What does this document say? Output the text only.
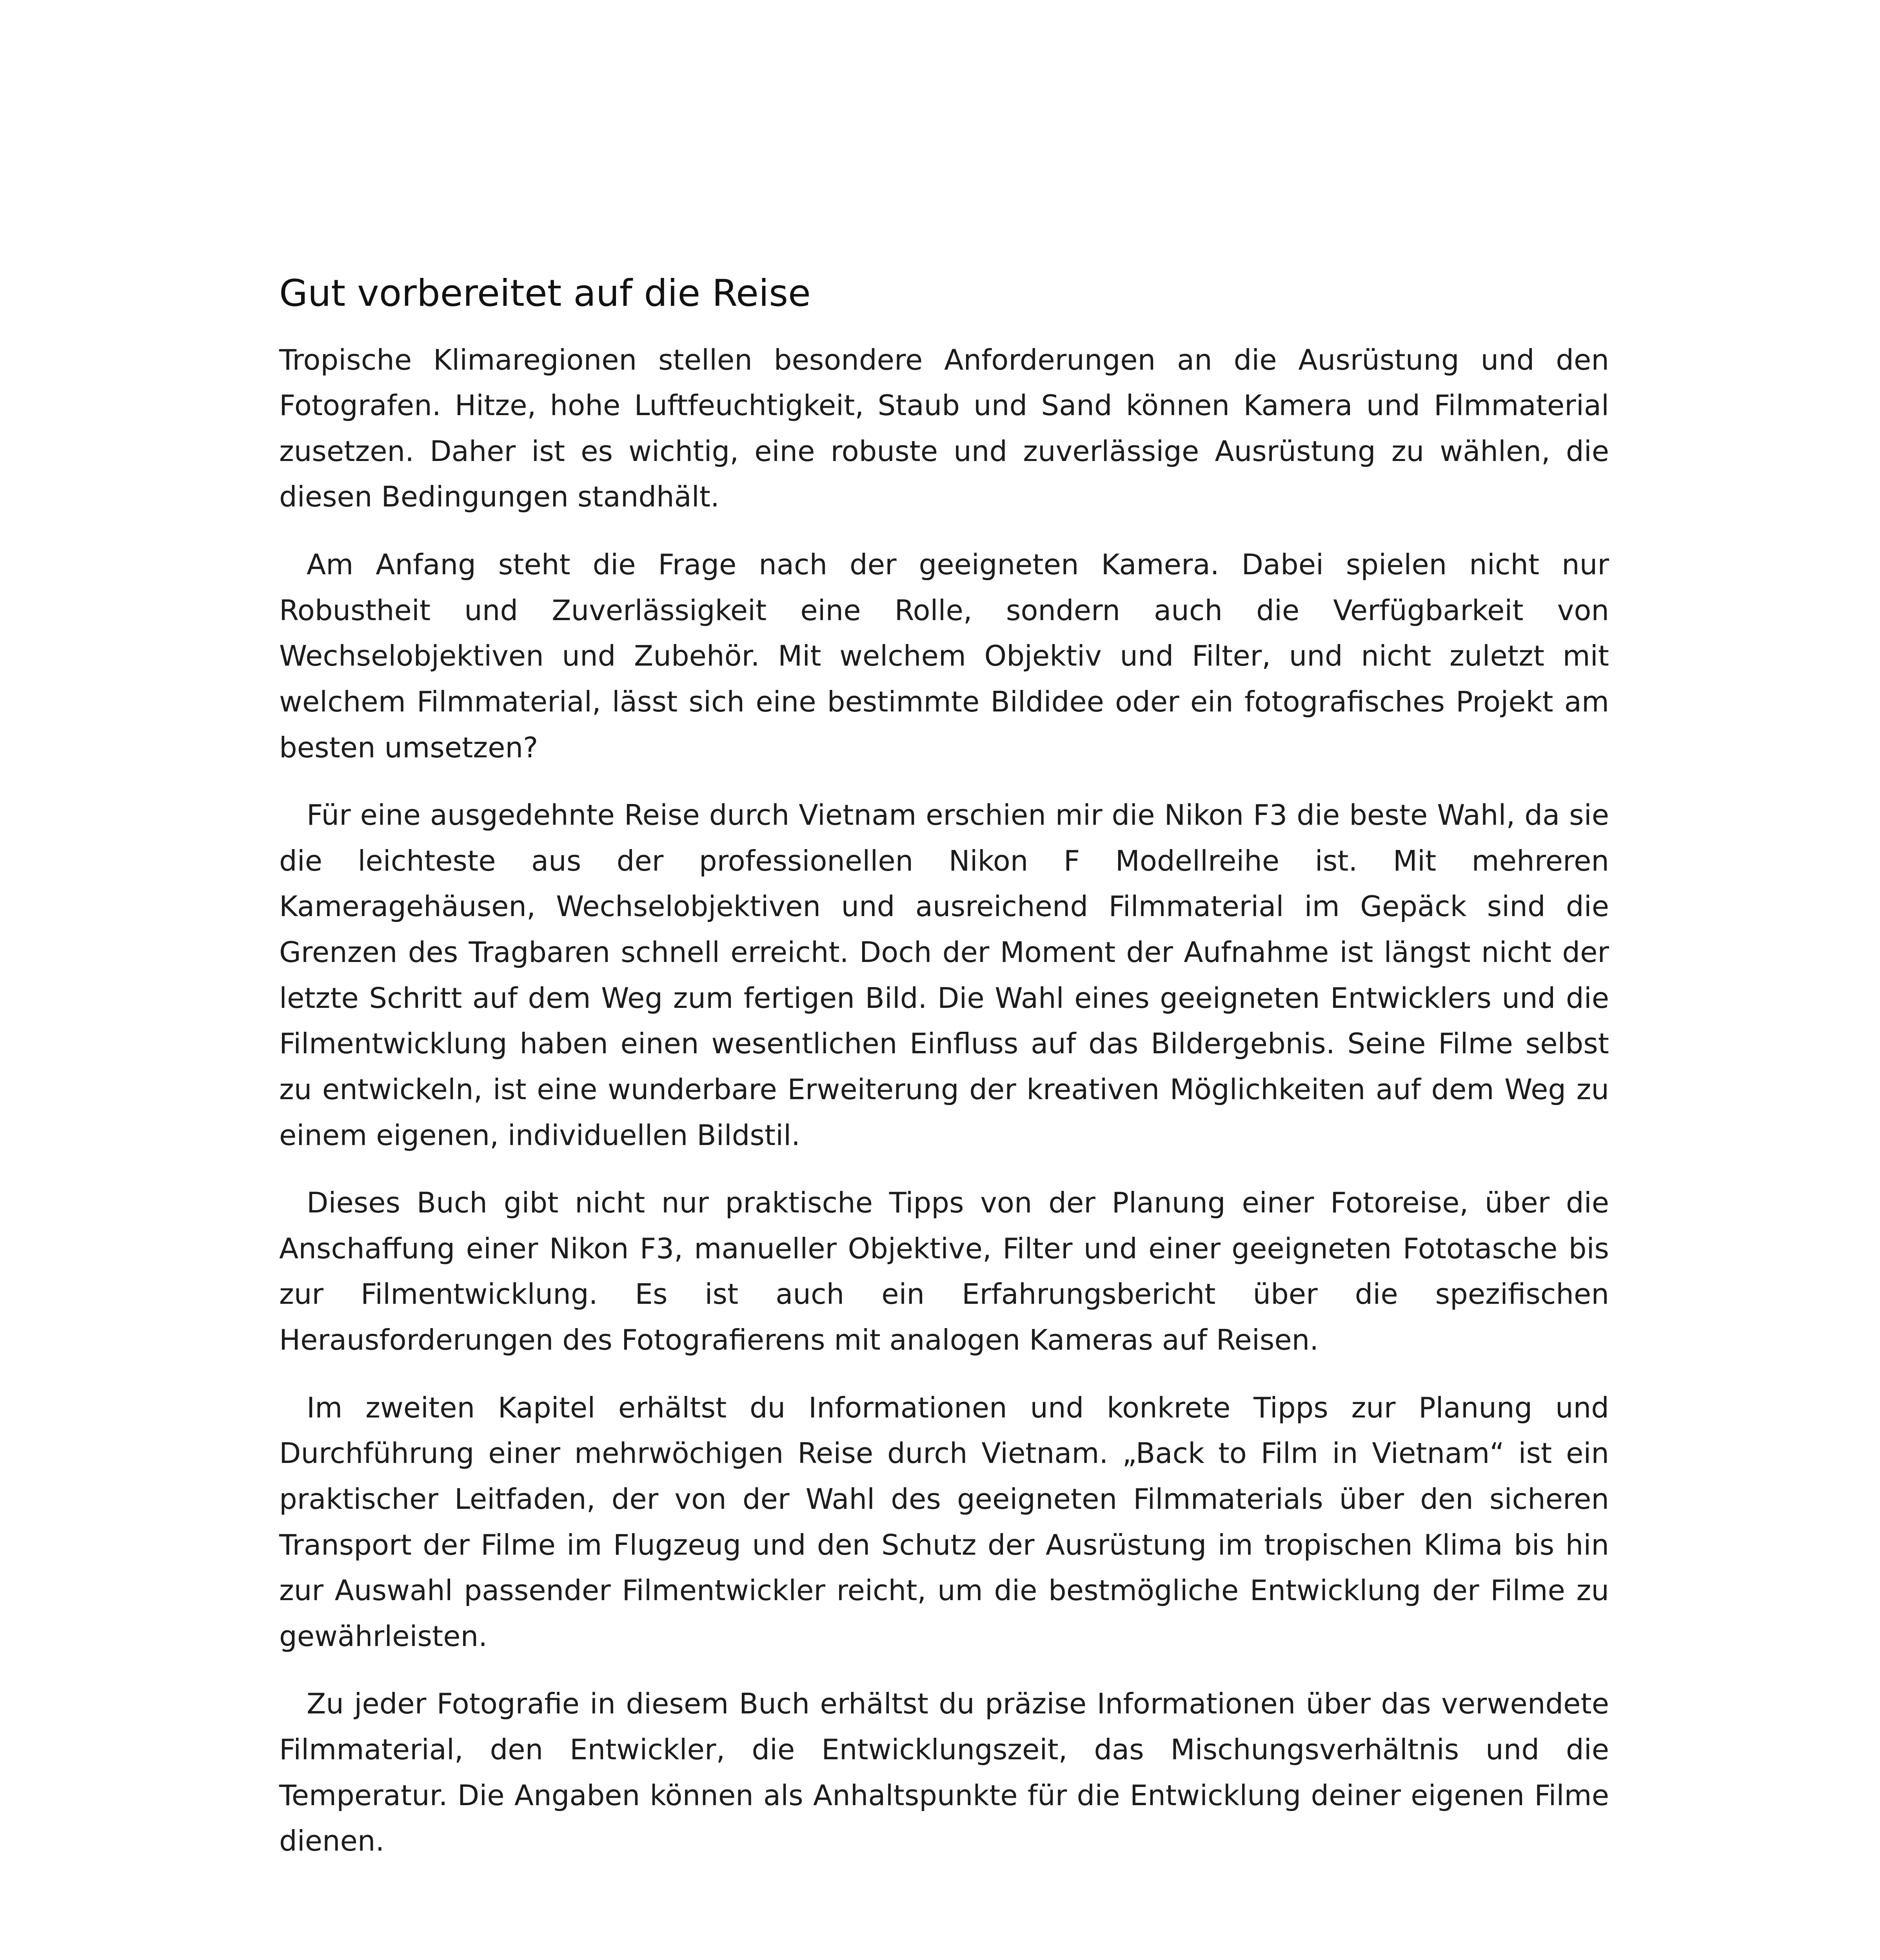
Gut vorbereitet auf die Reise

Tropische Klimaregionen stellen besondere Anforderungen an die Ausrüstung und den Fotografen. Hitze, hohe Luftfeuchtigkeit, Staub und Sand können Kamera und Filmmaterial zusetzen. Daher ist es wichtig, eine robuste und zuverlässige Ausrüstung zu wählen, die diesen Bedingungen standhält.

Am Anfang steht die Frage nach der geeigneten Kamera. Dabei spielen nicht nur Robustheit und Zuverlässigkeit eine Rolle, sondern auch die Verfügbarkeit von Wechselobjektiven und Zubehör. Mit welchem Objektiv und Filter, und nicht zuletzt mit welchem Filmmaterial, lässt sich eine bestimmte Bildidee oder ein fotografisches Projekt am besten umsetzen?

Für eine ausgedehnte Reise durch Vietnam erschien mir die Nikon F3 die beste Wahl, da sie die leichteste aus der professionellen Nikon F Modellreihe ist. Mit mehreren Kameragehäusen, Wechselobjektiven und ausreichend Filmmaterial im Gepäck sind die Grenzen des Tragbaren schnell erreicht. Doch der Moment der Aufnahme ist längst nicht der letzte Schritt auf dem Weg zum fertigen Bild. Die Wahl eines geeigneten Entwicklers und die Filmentwicklung haben einen wesentlichen Einfluss auf das Bildergebnis. Seine Filme selbst zu entwickeln, ist eine wunderbare Erweiterung der kreativen Möglichkeiten auf dem Weg zu einem eigenen, individuellen Bildstil.

Dieses Buch gibt nicht nur praktische Tipps von der Planung einer Fotoreise, über die Anschaffung einer Nikon F3, manueller Objektive, Filter und einer geeigneten Fototasche bis zur Filmentwicklung. Es ist auch ein Erfahrungsbericht über die spezifischen Herausforderungen des Fotografierens mit analogen Kameras auf Reisen.

Im zweiten Kapitel erhältst du Informationen und konkrete Tipps zur Planung und Durchführung einer mehrwöchigen Reise durch Vietnam. „Back to Film in Vietnam“ ist ein praktischer Leitfaden, der von der Wahl des geeigneten Filmmaterials über den sicheren Transport der Filme im Flugzeug und den Schutz der Ausrüstung im tropischen Klima bis hin zur Auswahl passender Filmentwickler reicht, um die bestmögliche Entwicklung der Filme zu gewährleisten.

Zu jeder Fotografie in diesem Buch erhältst du präzise Informationen über das verwendete Filmmaterial, den Entwickler, die Entwicklungszeit, das Mischungsverhältnis und die Temperatur. Die Angaben können als Anhaltspunkte für die Entwicklung deiner eigenen Filme dienen.
